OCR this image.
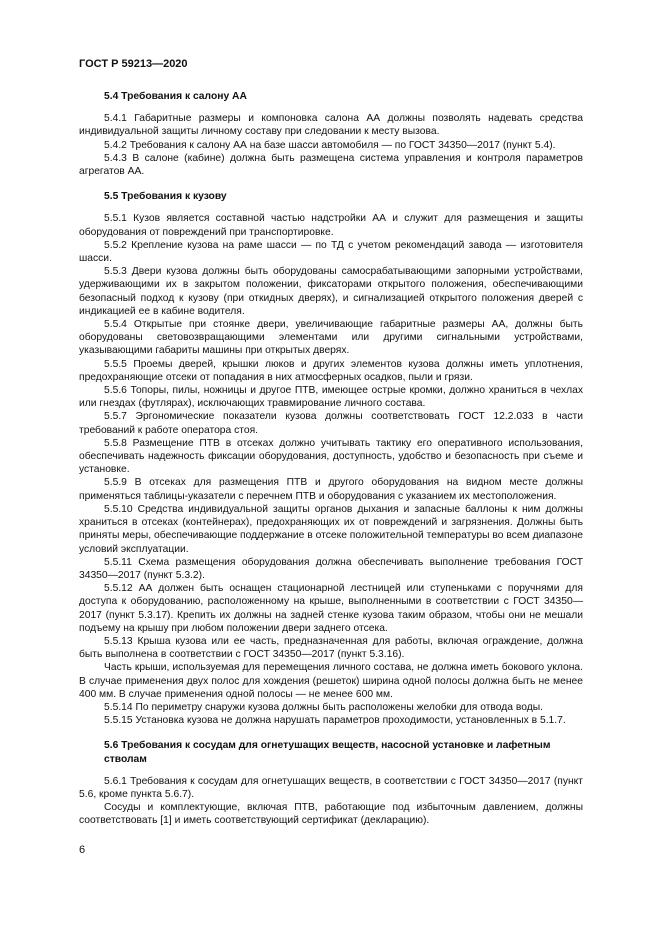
ГОСТ Р 59213—2020
5.4 Требования к салону АА

5.4.1 Габаритные размеры и компоновка салона АА должны позволять надевать средства индивидуальной защиты личному составу при следовании к месту вызова.

5.4.2 Требования к салону АА на базе шасси автомобиля — по ГОСТ 34350—2017 (пункт 5.4).

5.4.3 В салоне (кабине) должна быть размещена система управления и контроля параметров агрегатов АА.

5.5 Требования к кузову

5.5.1 Кузов является составной частью надстройки АА и служит для размещения и защиты оборудования от повреждений при транспортировке.

5.5.2 Крепление кузова на раме шасси — по ТД с учетом рекомендаций завода — изготовителя шасси.

5.5.3 Двери кузова должны быть оборудованы самосрабатывающими запорными устройствами, удерживающими их в закрытом положении, фиксаторами открытого положения, обеспечивающими безопасный подход к кузову (при откидных дверях), и сигнализацией открытого положения дверей с индикацией ее в кабине водителя.

5.5.4 Открытые при стоянке двери, увеличивающие габаритные размеры АА, должны быть оборудованы световозвращающими элементами или другими сигнальными устройствами, указывающими габариты машины при открытых дверях.

5.5.5 Проемы дверей, крышки люков и других элементов кузова должны иметь уплотнения, предохраняющие отсеки от попадания в них атмосферных осадков, пыли и грязи.

5.5.6 Топоры, пилы, ножницы и другое ПТВ, имеющее острые кромки, должно храниться в чехлах или гнездах (футлярах), исключающих травмирование личного состава.

5.5.7 Эргономические показатели кузова должны соответствовать ГОСТ 12.2.033 в части требований к работе оператора стоя.

5.5.8 Размещение ПТВ в отсеках должно учитывать тактику его оперативного использования, обеспечивать надежность фиксации оборудования, доступность, удобство и безопасность при съеме и установке.

5.5.9 В отсеках для размещения ПТВ и другого оборудования на видном месте должны применяться таблицы-указатели с перечнем ПТВ и оборудования с указанием их местоположения.

5.5.10 Средства индивидуальной защиты органов дыхания и запасные баллоны к ним должны храниться в отсеках (контейнерах), предохраняющих их от повреждений и загрязнения. Должны быть приняты меры, обеспечивающие поддержание в отсеке положительной температуры во всем диапазоне условий эксплуатации.

5.5.11 Схема размещения оборудования должна обеспечивать выполнение требования ГОСТ 34350—2017 (пункт 5.3.2).

5.5.12 АА должен быть оснащен стационарной лестницей или ступеньками с поручнями для доступа к оборудованию, расположенному на крыше, выполненными в соответствии с ГОСТ 34350—2017 (пункт 5.3.17). Крепить их должны на задней стенке кузова таким образом, чтобы они не мешали подъему на крышу при любом положении двери заднего отсека.

5.5.13 Крыша кузова или ее часть, предназначенная для работы, включая ограждение, должна быть выполнена в соответствии с ГОСТ 34350—2017 (пункт 5.3.16).

Часть крыши, используемая для перемещения личного состава, не должна иметь бокового уклона. В случае применения двух полос для хождения (решеток) ширина одной полосы должна быть не менее 400 мм. В случае применения одной полосы — не менее 600 мм.

5.5.14 По периметру снаружи кузова должны быть расположены желобки для отвода воды.

5.5.15 Установка кузова не должна нарушать параметров проходимости, установленных в 5.1.7.

5.6 Требования к сосудам для огнетушащих веществ, насосной установке и лафетным стволам

5.6.1 Требования к сосудам для огнетушащих веществ, в соответствии с ГОСТ 34350—2017 (пункт 5.6, кроме пункта 5.6.7).

Сосуды и комплектующие, включая ПТВ, работающие под избыточным давлением, должны соответствовать [1] и иметь соответствующий сертификат (декларацию).

6
